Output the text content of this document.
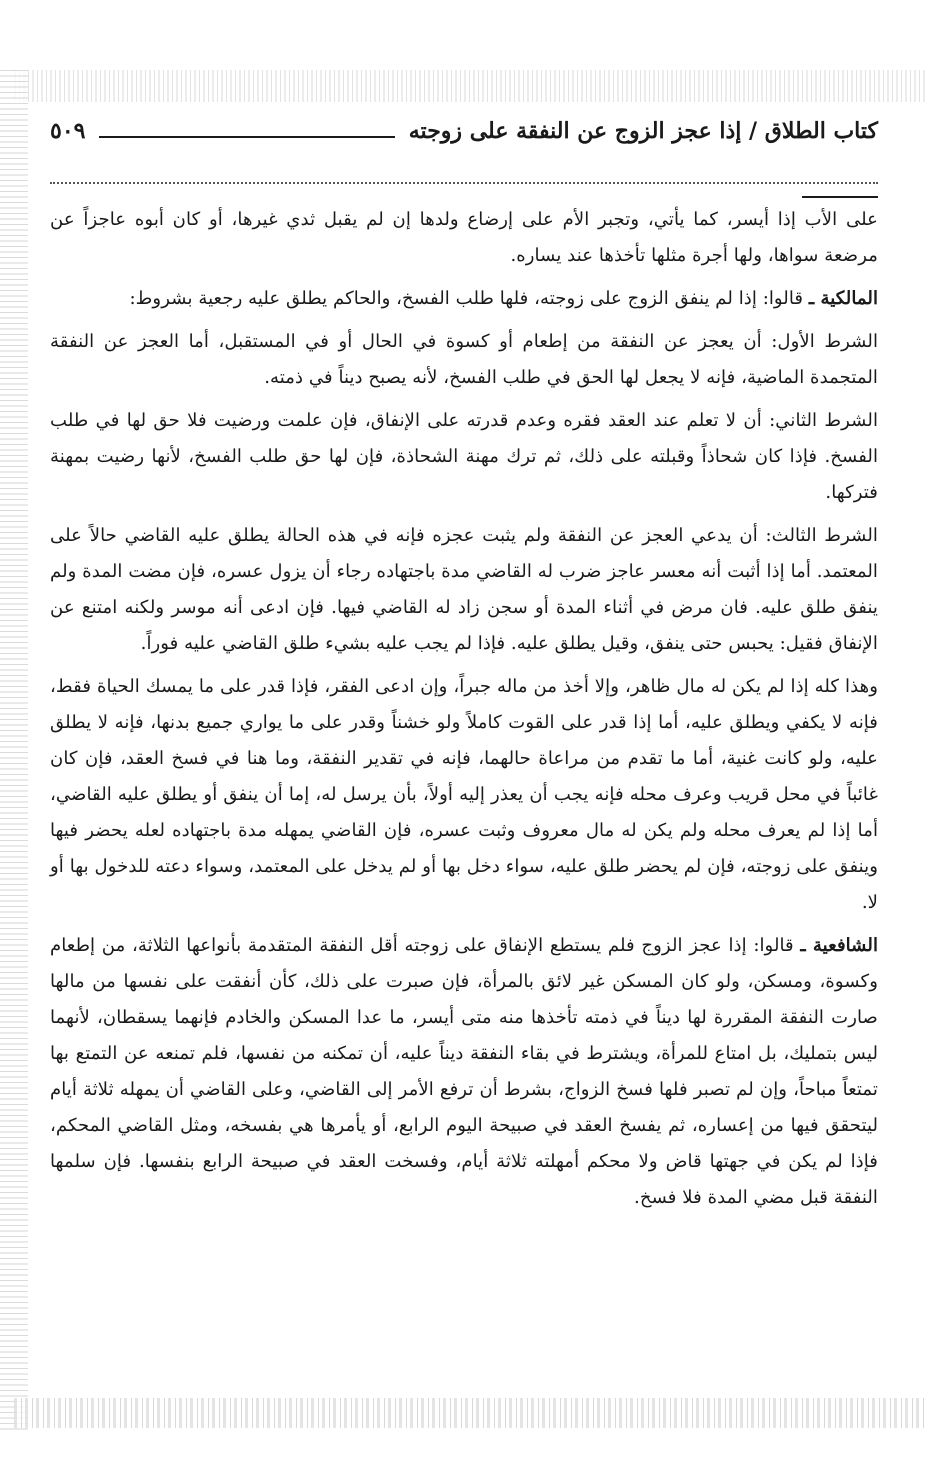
كتاب الطلاق / إذا عجز الزوج عن النفقة على زوجته
٥٠٩

على الأب إذا أيسر، كما يأتي، وتجبر الأم على إرضاع ولدها إن لم يقبل ثدي غيرها، أو كان أبوه عاجزاً عن مرضعة سواها، ولها أجرة مثلها تأخذها عند يساره.

المالكية ـ قالوا: إذا لم ينفق الزوج على زوجته، فلها طلب الفسخ، والحاكم يطلق عليه رجعية بشروط:

الشرط الأول: أن يعجز عن النفقة من إطعام أو كسوة في الحال أو في المستقبل، أما العجز عن النفقة المتجمدة الماضية، فإنه لا يجعل لها الحق في طلب الفسخ، لأنه يصبح ديناً في ذمته.

الشرط الثاني: أن لا تعلم عند العقد فقره وعدم قدرته على الإنفاق، فإن علمت ورضيت فلا حق لها في طلب الفسخ. فإذا كان شحاذاً وقبلته على ذلك، ثم ترك مهنة الشحاذة، فإن لها حق طلب الفسخ، لأنها رضيت بمهنة فتركها.

الشرط الثالث: أن يدعي العجز عن النفقة ولم يثبت عجزه فإنه في هذه الحالة يطلق عليه القاضي حالاً على المعتمد. أما إذا أثبت أنه معسر عاجز ضرب له القاضي مدة باجتهاده رجاء أن يزول عسره، فإن مضت المدة ولم ينفق طلق عليه. فان مرض في أثناء المدة أو سجن زاد له القاضي فيها. فإن ادعى أنه موسر ولكنه امتنع عن الإنفاق فقيل: يحبس حتى ينفق، وقيل يطلق عليه. فإذا لم يجب عليه بشيء طلق القاضي عليه فوراً.

وهذا كله إذا لم يكن له مال ظاهر، وإلا أخذ من ماله جبراً، وإن ادعى الفقر، فإذا قدر على ما يمسك الحياة فقط، فإنه لا يكفي ويطلق عليه، أما إذا قدر على القوت كاملاً ولو خشناً وقدر على ما يواري جميع بدنها، فإنه لا يطلق عليه، ولو كانت غنية، أما ما تقدم من مراعاة حالهما، فإنه في تقدير النفقة، وما هنا في فسخ العقد، فإن كان غائباً في محل قريب وعرف محله فإنه يجب أن يعذر إليه أولاً، بأن يرسل له، إما أن ينفق أو يطلق عليه القاضي، أما إذا لم يعرف محله ولم يكن له مال معروف وثبت عسره، فإن القاضي يمهله مدة باجتهاده لعله يحضر فيها وينفق على زوجته، فإن لم يحضر طلق عليه، سواء دخل بها أو لم يدخل على المعتمد، وسواء دعته للدخول بها أو لا.

الشافعية ـ قالوا: إذا عجز الزوج فلم يستطع الإنفاق على زوجته أقل النفقة المتقدمة بأنواعها الثلاثة، من إطعام وكسوة، ومسكن، ولو كان المسكن غير لائق بالمرأة، فإن صبرت على ذلك، كأن أنفقت على نفسها من مالها صارت النفقة المقررة لها ديناً في ذمته تأخذها منه متى أيسر، ما عدا المسكن والخادم فإنهما يسقطان، لأنهما ليس بتمليك، بل امتاع للمرأة، ويشترط في بقاء النفقة ديناً عليه، أن تمكنه من نفسها، فلم تمنعه عن التمتع بها تمتعاً مباحاً، وإن لم تصبر فلها فسخ الزواج، بشرط أن ترفع الأمر إلى القاضي، وعلى القاضي أن يمهله ثلاثة أيام ليتحقق فيها من إعساره، ثم يفسخ العقد في صبيحة اليوم الرابع، أو يأمرها هي بفسخه، ومثل القاضي المحكم، فإذا لم يكن في جهتها قاض ولا محكم أمهلته ثلاثة أيام، وفسخت العقد في صبيحة الرابع بنفسها. فإن سلمها النفقة قبل مضي المدة فلا فسخ.
